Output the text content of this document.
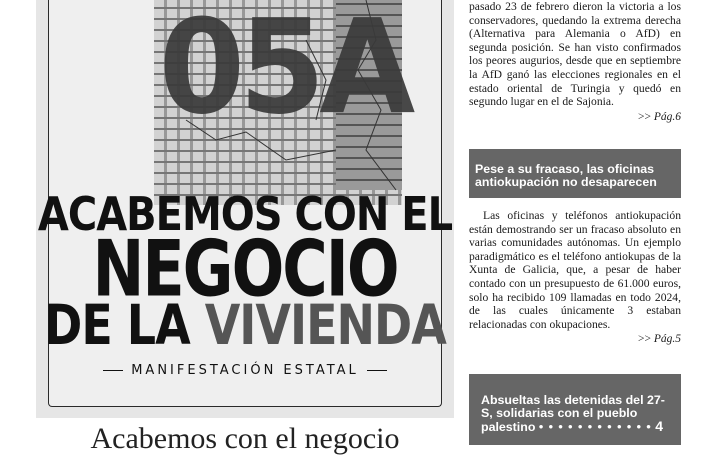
05A
ACABEMOS CON EL
NEGOCIO
DE LA VIVIENDA
MANIFESTACIÓN ESTATAL
Acabemos con el negocio

pasado 23 de febrero dieron la victoria a los conservadores, quedando la extrema derecha (Alternativa para Alemania o AfD) en segunda posición. Se han visto confirmados los peores augurios, desde que en septiembre la AfD ganó las elecciones regionales en el estado oriental de Turingia y quedó en segundo lugar en el de Sajonia.

>> Pág.6

Pese a su fracaso, las oficinas antiokupación no desaparecen

Las oficinas y teléfonos antiokupación están demostrando ser un fracaso absoluto en varias comunidades autónomas. Un ejemplo paradigmático es el teléfono antiokupas de la Xunta de Galicia, que, a pesar de haber contado con un presupuesto de 61.000 euros, solo ha recibido 109 llamadas en todo 2024, de las cuales únicamente 3 estaban relacionadas con okupaciones.

>> Pág.5

Absueltas las detenidas del 27-S, solidarias con el pueblo palestino • • • • • • • • • • • • 4
